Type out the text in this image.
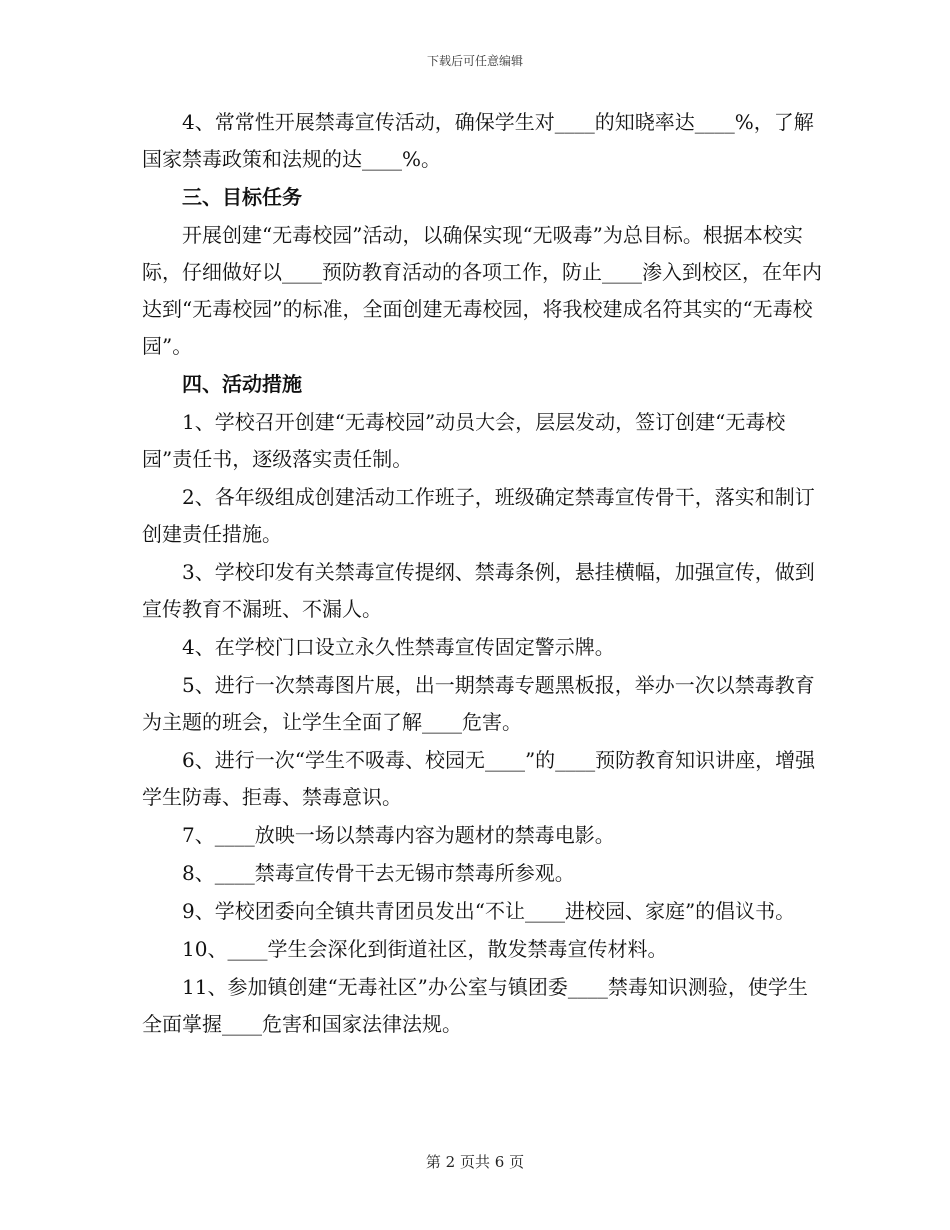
下载后可任意编辑

4、常常性开展禁毒宣传活动，确保学生对____的知晓率达____%，了解国家禁毒政策和法规的达____%。

三、目标任务

开展创建“无毒校园”活动，以确保实现“无吸毒”为总目标。根据本校实际，仔细做好以____预防教育活动的各项工作，防止____渗入到校区，在年内达到“无毒校园”的标准，全面创建无毒校园，将我校建成名符其实的“无毒校园”。

四、活动措施

1、学校召开创建“无毒校园”动员大会，层层发动，签订创建“无毒校园”责任书，逐级落实责任制。

2、各年级组成创建活动工作班子，班级确定禁毒宣传骨干，落实和制订创建责任措施。

3、学校印发有关禁毒宣传提纲、禁毒条例，悬挂横幅，加强宣传，做到宣传教育不漏班、不漏人。

4、在学校门口设立永久性禁毒宣传固定警示牌。

5、进行一次禁毒图片展，出一期禁毒专题黑板报，举办一次以禁毒教育为主题的班会，让学生全面了解____危害。

6、进行一次“学生不吸毒、校园无____”的____预防教育知识讲座，增强学生防毒、拒毒、禁毒意识。

7、____放映一场以禁毒内容为题材的禁毒电影。

8、____禁毒宣传骨干去无锡市禁毒所参观。

9、学校团委向全镇共青团员发出“不让____进校园、家庭”的倡议书。

10、____学生会深化到街道社区，散发禁毒宣传材料。

11、参加镇创建“无毒社区”办公室与镇团委____禁毒知识测验，使学生全面掌握____危害和国家法律法规。

第 2 页共 6 页
